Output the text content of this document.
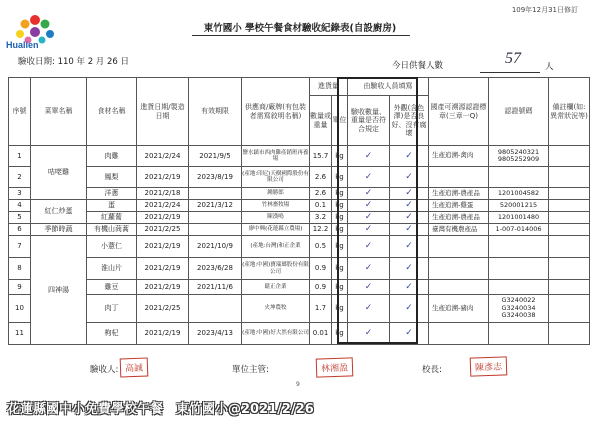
Hualien
109年12月31日修訂
東竹國小 學校午餐食材驗收紀錄表(自設廚房)
驗收日期: 110 年 2 月 26 日	今日供餐人數	57	人
序號	菜單名稱	食材名稱	進貨日期/製造日期	有效期限	供應商/廠牌(有包裝者需寫敘明名稱)	進貨量		由驗收人員填寫		國產可溯源認證標章(三章一Q)	認證號碼	備註欄(如:異常狀況等)
						數量或重量	單位	驗收數量、重量是否符合規定	外觀(含色澤)是否良好、沒有腐壞			
1	咕咾雞	肉雞	2021/2/24	2021/9/5	鹽水鎮市西肉雞產銷班再養場	15.7	kg	✓	✓	生產追溯-禽肉	9805240321 9805252909	
2		鳳梨	2021/2/19	2023/8/19	(產地:印尼)天樹國際股份有限公司	2.6	kg	✓	✓			
3		洋蔥	2021/2/18		鍾勝郎	2.6	kg	✓	✓	生產追溯-農產品	1201004582	
4	紅仁炒蛋	蛋	2021/2/24	2021/3/12	竹林畜牧場	0.1	kg	✓	✓	生產追溯-雞蛋	520001215	
5		紅蘿蔔	2021/2/19		陳漢鳴	3.2	kg	✓	✓	生產追溯-農產品	1201001480	
6	季節時蔬	有機山茼蒿	2021/2/25		廖中興(花蓮縣立農場)	12.2	kg	✓	✓	臺灣有機農產品	1-007-014006	
7	四神湯	小薏仁	2021/2/19	2021/10/9	(產地:台灣)和正企業	0.5	kg	✓	✓			
8		淮山片	2021/2/19	2023/6/28	(產地:中國)寶瑞瑯股份有限公司	0.9	kg	✓	✓			
9		雞豆	2021/2/19	2021/11/6	鬆正企業	0.9	kg	✓	✓			
10		肉丁	2021/2/25		火坤農牧	1.7	kg	✓	✓	生產追溯-豬肉	G3240022 G3240034 G3240038	
11		枸杞	2021/2/19	2023/4/13	(產地:中國)好大然有限公司	0.01	kg	✓	✓			
驗收人: 高誠	單位主管:	林湘盈	校長:	陳彥志
9
花蓮縣國中小免費學校午餐　東竹國小@2021/2/26
